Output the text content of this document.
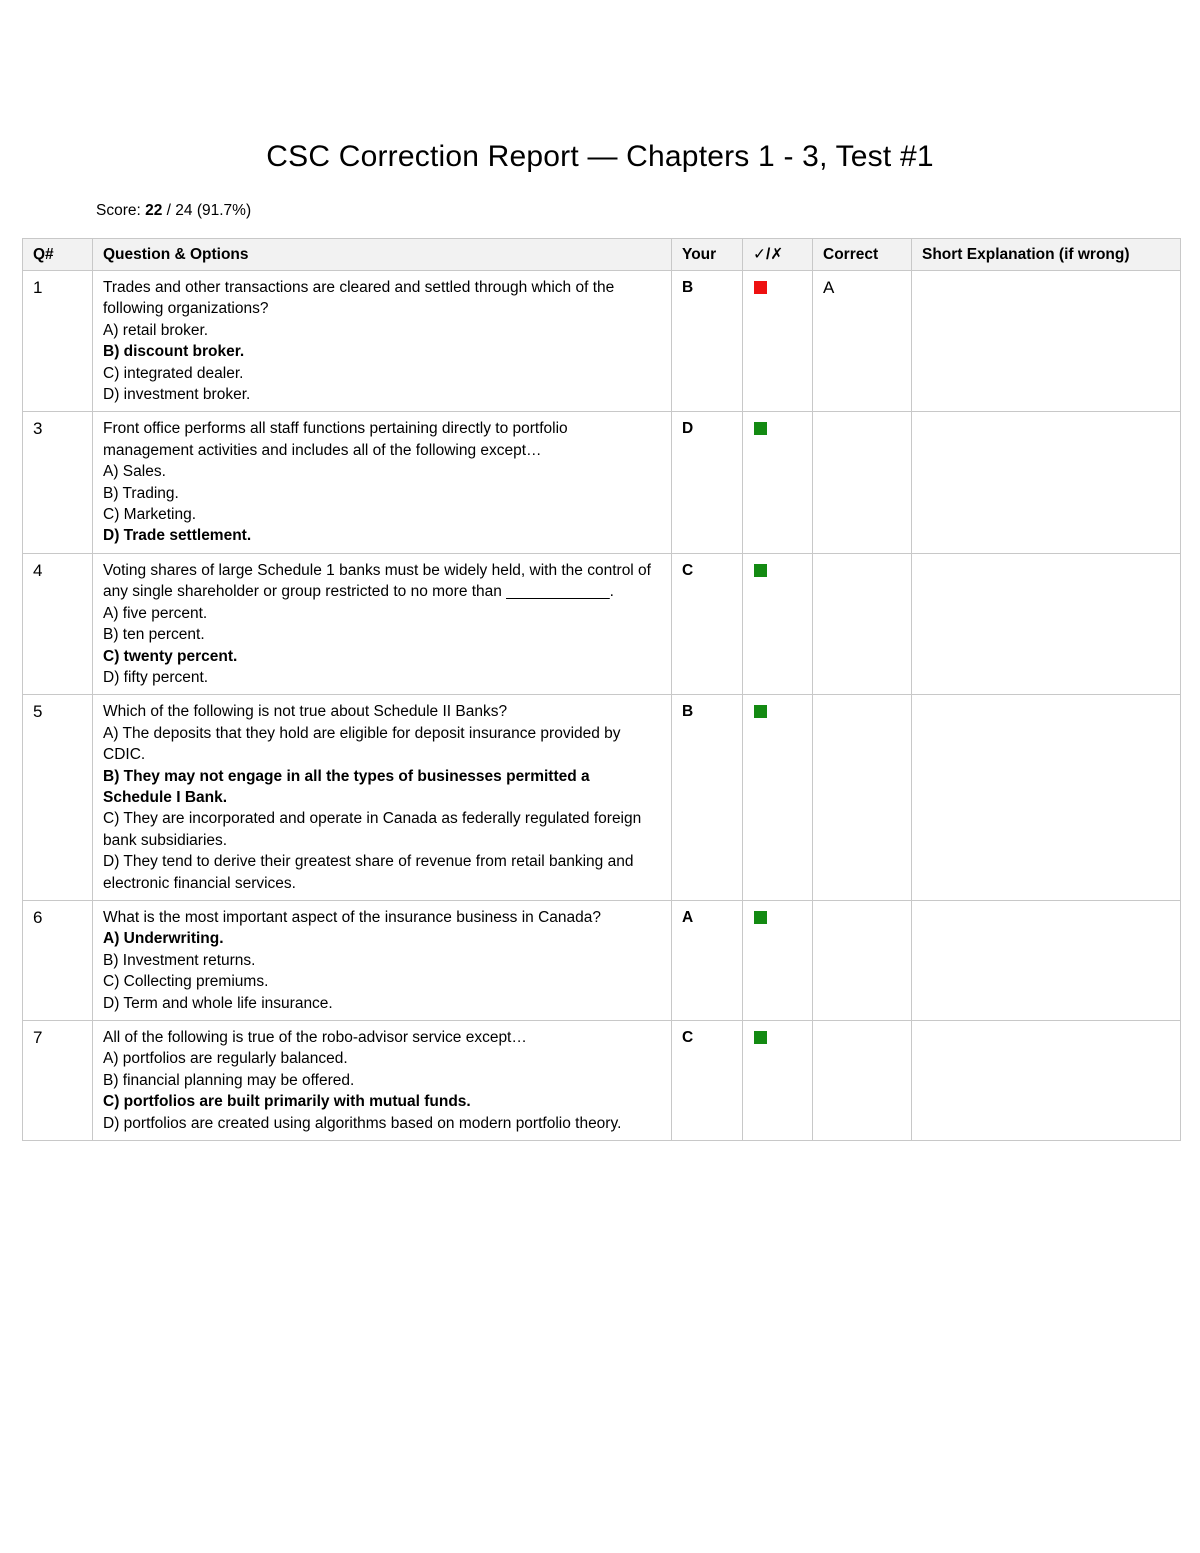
CSC Correction Report — Chapters 1 - 3, Test #1
Score: 22 / 24 (91.7%)
Q#	Question & Options	Your	✓/✗	Correct	Short Explanation (if wrong)
1	Trades and other transactions are cleared and settled through which of the following organizations?
A) retail broker.
B) discount broker.
C) integrated dealer.
D) investment broker.	B		A	
3	Front office performs all staff functions pertaining directly to portfolio management activities and includes all of the following except…
A) Sales.
B) Trading.
C) Marketing.
D) Trade settlement.	D			
4	Voting shares of large Schedule 1 banks must be widely held, with the control of any single shareholder or group restricted to no more than ____________.
A) five percent.
B) ten percent.
C) twenty percent.
D) fifty percent.	C			
5	Which of the following is not true about Schedule II Banks?
A) The deposits that they hold are eligible for deposit insurance provided by CDIC.
B) They may not engage in all the types of businesses permitted a Schedule I Bank.
C) They are incorporated and operate in Canada as federally regulated foreign bank subsidiaries.
D) They tend to derive their greatest share of revenue from retail banking and electronic financial services.	B			
6	What is the most important aspect of the insurance business in Canada?
A) Underwriting.
B) Investment returns.
C) Collecting premiums.
D) Term and whole life insurance.	A			
7	All of the following is true of the robo-advisor service except…
A) portfolios are regularly balanced.
B) financial planning may be offered.
C) portfolios are built primarily with mutual funds.
D) portfolios are created using algorithms based on modern portfolio theory.	C			
